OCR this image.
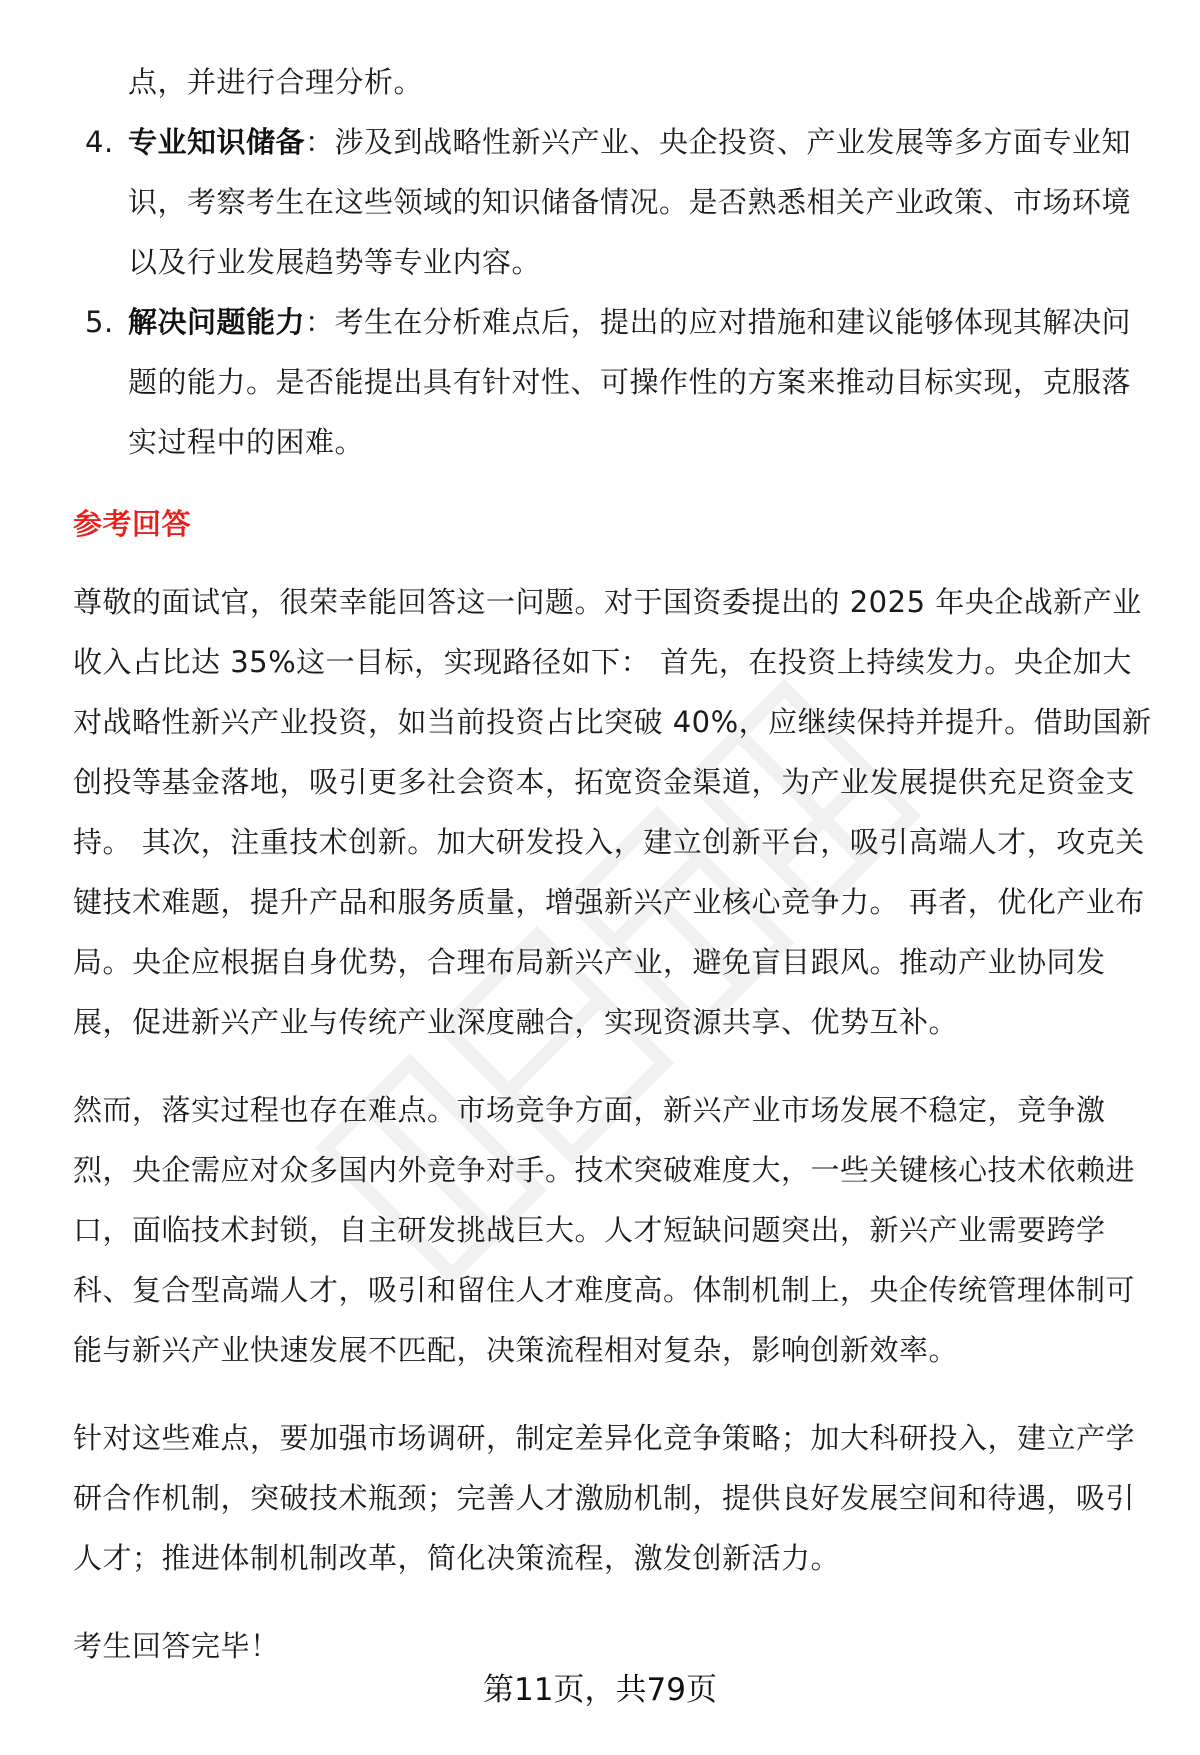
点，并进行合理分析。

4. 专业知识储备：涉及到战略性新兴产业、央企投资、产业发展等多方面专业知识，考察考生在这些领域的知识储备情况。是否熟悉相关产业政策、市场环境以及行业发展趋势等专业内容。
5. 解决问题能力：考生在分析难点后，提出的应对措施和建议能够体现其解决问题的能力。是否能提出具有针对性、可操作性的方案来推动目标实现，克服落实过程中的困难。
参考回答

尊敬的面试官，很荣幸能回答这一问题。对于国资委提出的 2025 年央企战新产业收入占比达 35%这一目标，实现路径如下： 首先，在投资上持续发力。央企加大对战略性新兴产业投资，如当前投资占比突破 40%，应继续保持并提升。借助国新创投等基金落地，吸引更多社会资本，拓宽资金渠道，为产业发展提供充足资金支持。 其次，注重技术创新。加大研发投入，建立创新平台，吸引高端人才，攻克关键技术难题，提升产品和服务质量，增强新兴产业核心竞争力。 再者，优化产业布局。央企应根据自身优势，合理布局新兴产业，避免盲目跟风。推动产业协同发展，促进新兴产业与传统产业深度融合，实现资源共享、优势互补。

然而，落实过程也存在难点。市场竞争方面，新兴产业市场发展不稳定，竞争激烈，央企需应对众多国内外竞争对手。技术突破难度大，一些关键核心技术依赖进口，面临技术封锁，自主研发挑战巨大。人才短缺问题突出，新兴产业需要跨学科、复合型高端人才，吸引和留住人才难度高。体制机制上，央企传统管理体制可能与新兴产业快速发展不匹配，决策流程相对复杂，影响创新效率。

针对这些难点，要加强市场调研，制定差异化竞争策略；加大科研投入，建立产学研合作机制，突破技术瓶颈；完善人才激励机制，提供良好发展空间和待遇，吸引人才；推进体制机制改革，简化决策流程，激发创新活力。

考生回答完毕！

第11页，共79页
